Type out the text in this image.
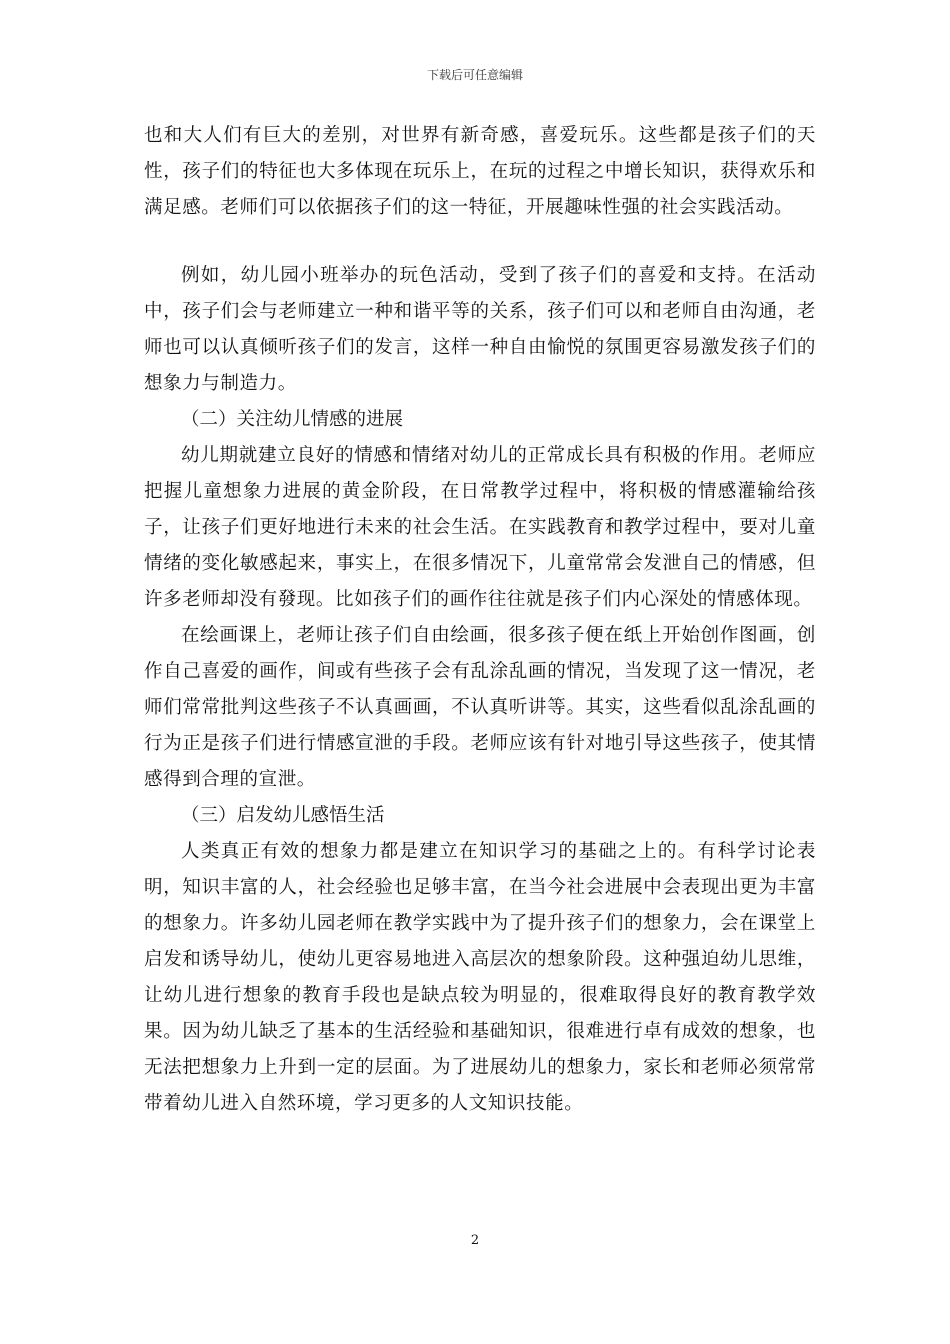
下载后可任意编辑

也和大人们有巨大的差别，对世界有新奇感，喜爱玩乐。这些都是孩子们的天性，孩子们的特征也大多体现在玩乐上，在玩的过程之中增长知识，获得欢乐和满足感。老师们可以依据孩子们的这一特征，开展趣味性强的社会实践活动。

例如，幼儿园小班举办的玩色活动，受到了孩子们的喜爱和支持。在活动中，孩子们会与老师建立一种和谐平等的关系，孩子们可以和老师自由沟通，老师也可以认真倾听孩子们的发言，这样一种自由愉悦的氛围更容易激发孩子们的想象力与制造力。

（二）关注幼儿情感的进展

幼儿期就建立良好的情感和情绪对幼儿的正常成长具有积极的作用。老师应把握儿童想象力进展的黄金阶段，在日常教学过程中，将积极的情感灌输给孩子，让孩子们更好地进行未来的社会生活。在实践教育和教学过程中，要对儿童情绪的变化敏感起来，事实上，在很多情况下，儿童常常会发泄自己的情感，但许多老师却没有發现。比如孩子们的画作往往就是孩子们内心深处的情感体现。

在绘画课上，老师让孩子们自由绘画，很多孩子便在纸上开始创作图画，创作自己喜爱的画作，间或有些孩子会有乱涂乱画的情况，当发现了这一情况，老师们常常批判这些孩子不认真画画，不认真听讲等。其实，这些看似乱涂乱画的行为正是孩子们进行情感宣泄的手段。老师应该有针对地引导这些孩子，使其情感得到合理的宣泄。

（三）启发幼儿感悟生活

人类真正有效的想象力都是建立在知识学习的基础之上的。有科学讨论表明，知识丰富的人，社会经验也足够丰富，在当今社会进展中会表现出更为丰富的想象力。许多幼儿园老师在教学实践中为了提升孩子们的想象力，会在课堂上启发和诱导幼儿，使幼儿更容易地进入高层次的想象阶段。这种强迫幼儿思维，让幼儿进行想象的教育手段也是缺点较为明显的，很难取得良好的教育教学效果。因为幼儿缺乏了基本的生活经验和基础知识，很难进行卓有成效的想象，也无法把想象力上升到一定的层面。为了进展幼儿的想象力，家长和老师必须常常带着幼儿进入自然环境，学习更多的人文知识技能。

2
